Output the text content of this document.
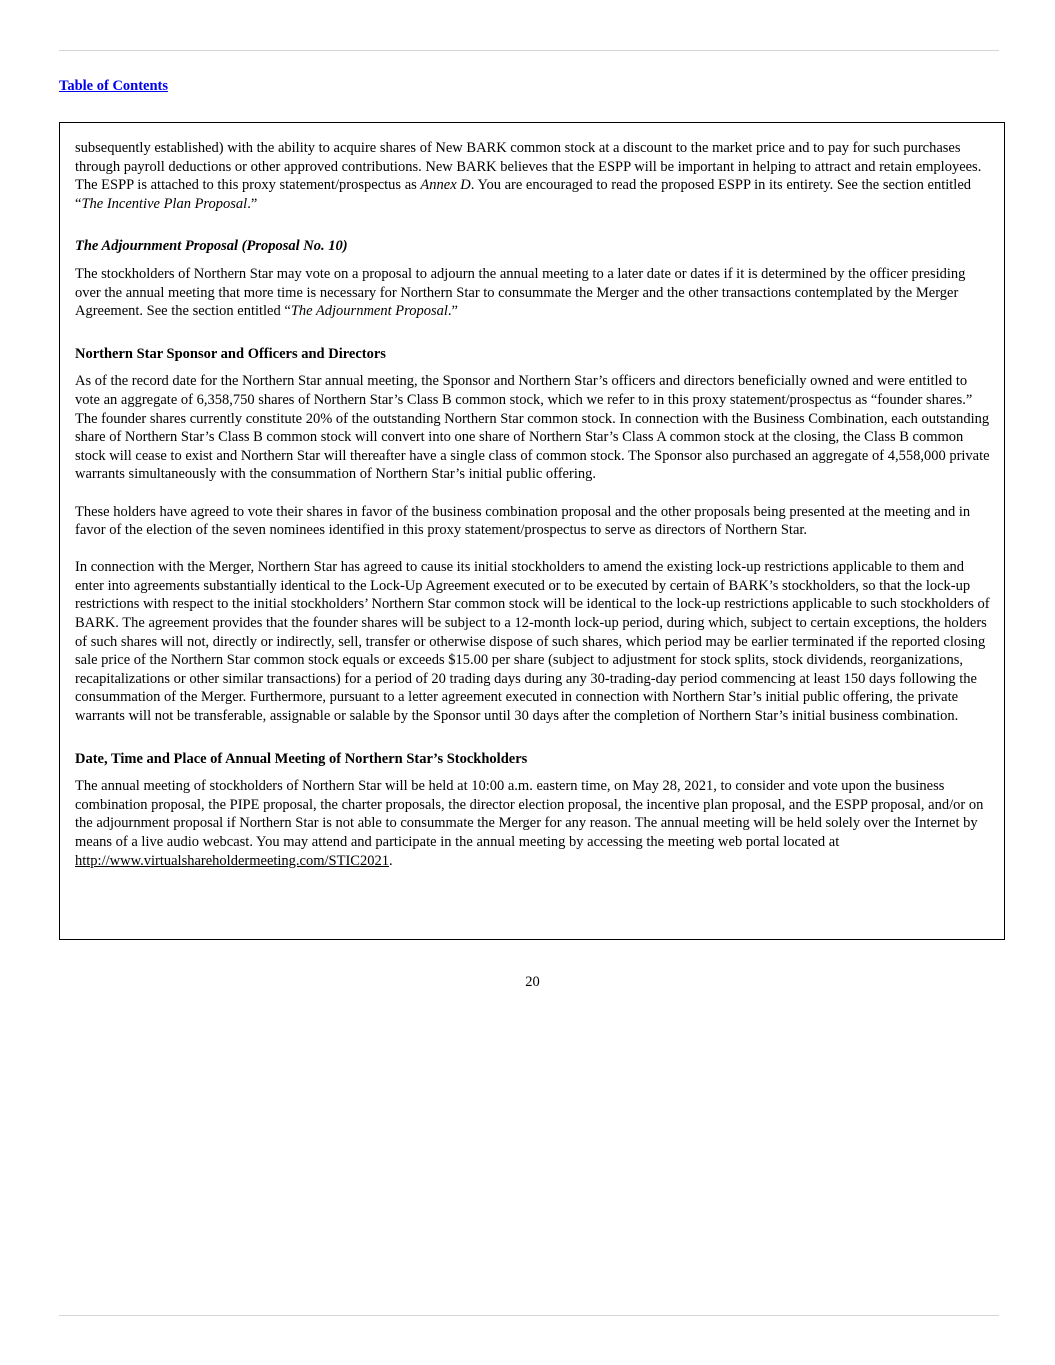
Table of Contents

subsequently established) with the ability to acquire shares of New BARK common stock at a discount to the market price and to pay for such purchases through payroll deductions or other approved contributions. New BARK believes that the ESPP will be important in helping to attract and retain employees. The ESPP is attached to this proxy statement/prospectus as Annex D. You are encouraged to read the proposed ESPP in its entirety. See the section entitled “The Incentive Plan Proposal.”

The Adjournment Proposal (Proposal No. 10)

The stockholders of Northern Star may vote on a proposal to adjourn the annual meeting to a later date or dates if it is determined by the officer presiding over the annual meeting that more time is necessary for Northern Star to consummate the Merger and the other transactions contemplated by the Merger Agreement. See the section entitled “The Adjournment Proposal.”

Northern Star Sponsor and Officers and Directors

As of the record date for the Northern Star annual meeting, the Sponsor and Northern Star’s officers and directors beneficially owned and were entitled to vote an aggregate of 6,358,750 shares of Northern Star’s Class B common stock, which we refer to in this proxy statement/prospectus as “founder shares.” The founder shares currently constitute 20% of the outstanding Northern Star common stock. In connection with the Business Combination, each outstanding share of Northern Star’s Class B common stock will convert into one share of Northern Star’s Class A common stock at the closing, the Class B common stock will cease to exist and Northern Star will thereafter have a single class of common stock. The Sponsor also purchased an aggregate of 4,558,000 private warrants simultaneously with the consummation of Northern Star’s initial public offering.

These holders have agreed to vote their shares in favor of the business combination proposal and the other proposals being presented at the meeting and in favor of the election of the seven nominees identified in this proxy statement/prospectus to serve as directors of Northern Star.

In connection with the Merger, Northern Star has agreed to cause its initial stockholders to amend the existing lock-up restrictions applicable to them and enter into agreements substantially identical to the Lock-Up Agreement executed or to be executed by certain of BARK’s stockholders, so that the lock-up restrictions with respect to the initial stockholders’ Northern Star common stock will be identical to the lock-up restrictions applicable to such stockholders of BARK. The agreement provides that the founder shares will be subject to a 12-month lock-up period, during which, subject to certain exceptions, the holders of such shares will not, directly or indirectly, sell, transfer or otherwise dispose of such shares, which period may be earlier terminated if the reported closing sale price of the Northern Star common stock equals or exceeds $15.00 per share (subject to adjustment for stock splits, stock dividends, reorganizations, recapitalizations or other similar transactions) for a period of 20 trading days during any 30-trading-day period commencing at least 150 days following the consummation of the Merger. Furthermore, pursuant to a letter agreement executed in connection with Northern Star’s initial public offering, the private warrants will not be transferable, assignable or salable by the Sponsor until 30 days after the completion of Northern Star’s initial business combination.

Date, Time and Place of Annual Meeting of Northern Star’s Stockholders

The annual meeting of stockholders of Northern Star will be held at 10:00 a.m. eastern time, on May 28, 2021, to consider and vote upon the business combination proposal, the PIPE proposal, the charter proposals, the director election proposal, the incentive plan proposal, and the ESPP proposal, and/or on the adjournment proposal if Northern Star is not able to consummate the Merger for any reason. The annual meeting will be held solely over the Internet by means of a live audio webcast. You may attend and participate in the annual meeting by accessing the meeting web portal located at http://www.virtualshareholdermeeting.com/STIC2021.

20
